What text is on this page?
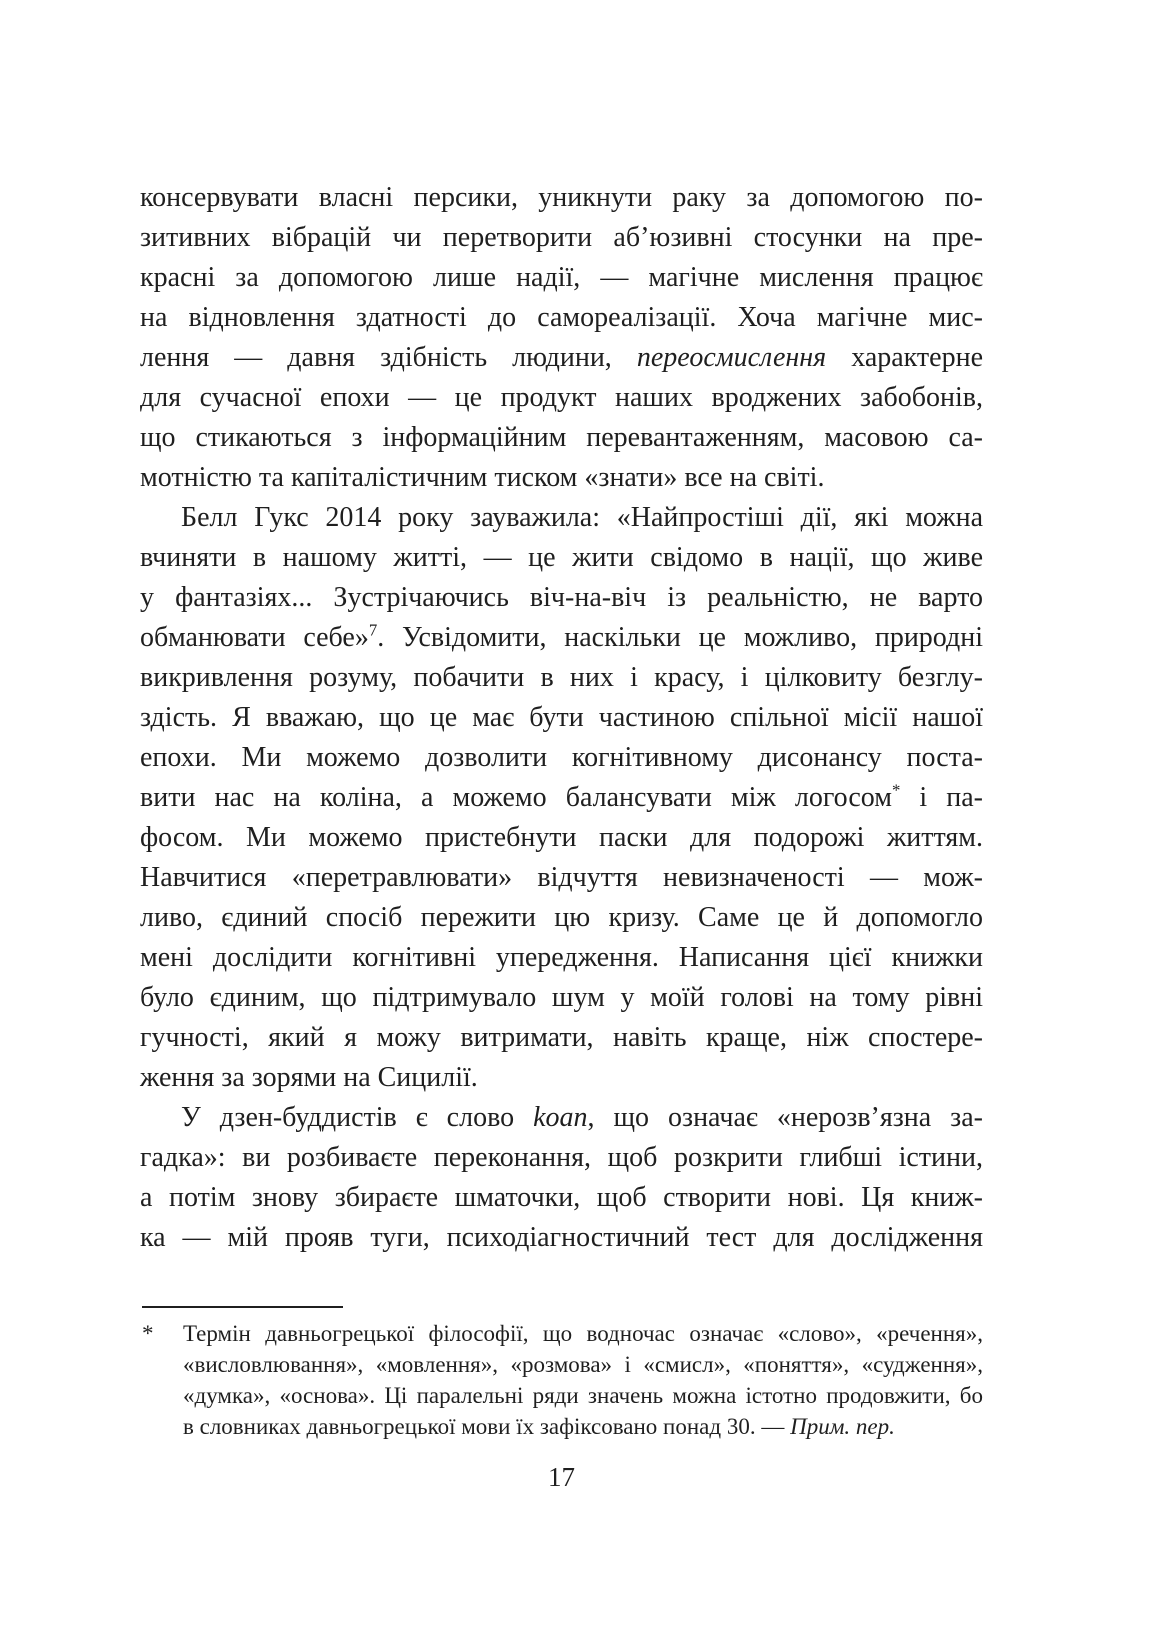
консервувати власні персики, уникнути раку за допомогою по-
зитивних вібрацій чи перетворити аб’юзивні стосунки на пре-
красні за допомогою лише надії, — магічне мислення працює
на відновлення здатності до самореалізації. Хоча магічне мис-
лення — давня здібність людини, переосмислення характерне
для сучасної епохи — це продукт наших вроджених забобонів,
що стикаються з інформаційним перевантаженням, масовою са-
мотністю та капіталістичним тиском «знати» все на світі.
Белл Гукс 2014 року зауважила: «Найпростіші дії, які можна
вчиняти в нашому житті, — це жити свідомо в нації, що живе
у фантазіях... Зустрічаючись віч-на-віч із реальністю, не варто
обманювати себе»$^7$. Усвідомити, наскільки це можливо, природні
викривлення розуму, побачити в них і красу, і цілковиту безглу-
здість. Я вважаю, що це має бути частиною спільної місії нашої
епохи. Ми можемо дозволити когнітивному дисонансу поста-
вити нас на коліна, а можемо балансувати між логосом* і па-
фосом. Ми можемо пристебнути паски для подорожі життям.
Навчитися «перетравлювати» відчуття невизначеності — мож-
ливо, єдиний спосіб пережити цю кризу. Саме це й допомогло
мені дослідити когнітивні упередження. Написання цієї книжки
було єдиним, що підтримувало шум у моїй голові на тому рівні
гучності, який я можу витримати, навіть краще, ніж спостере-
ження за зорями на Сицилії.
У дзен-буддистів є слово koan, що означає «нерозв’язна за-
гадка»: ви розбиваєте переконання, щоб розкрити глибші істини,
а потім знову збираєте шматочки, щоб створити нові. Ця книж-
ка — мій прояв туги, психодіагностичний тест для дослідження
* Термін давньогрецької філософії, що водночас означає «слово», «речення»,
«висловлювання», «мовлення», «розмова» і «смисл», «поняття», «судження»,
«думка», «основа». Ці паралельні ряди значень можна істотно продовжити, бо
в словниках давньогрецької мови їх зафіксовано понад 30. — Прим. пер.
17
